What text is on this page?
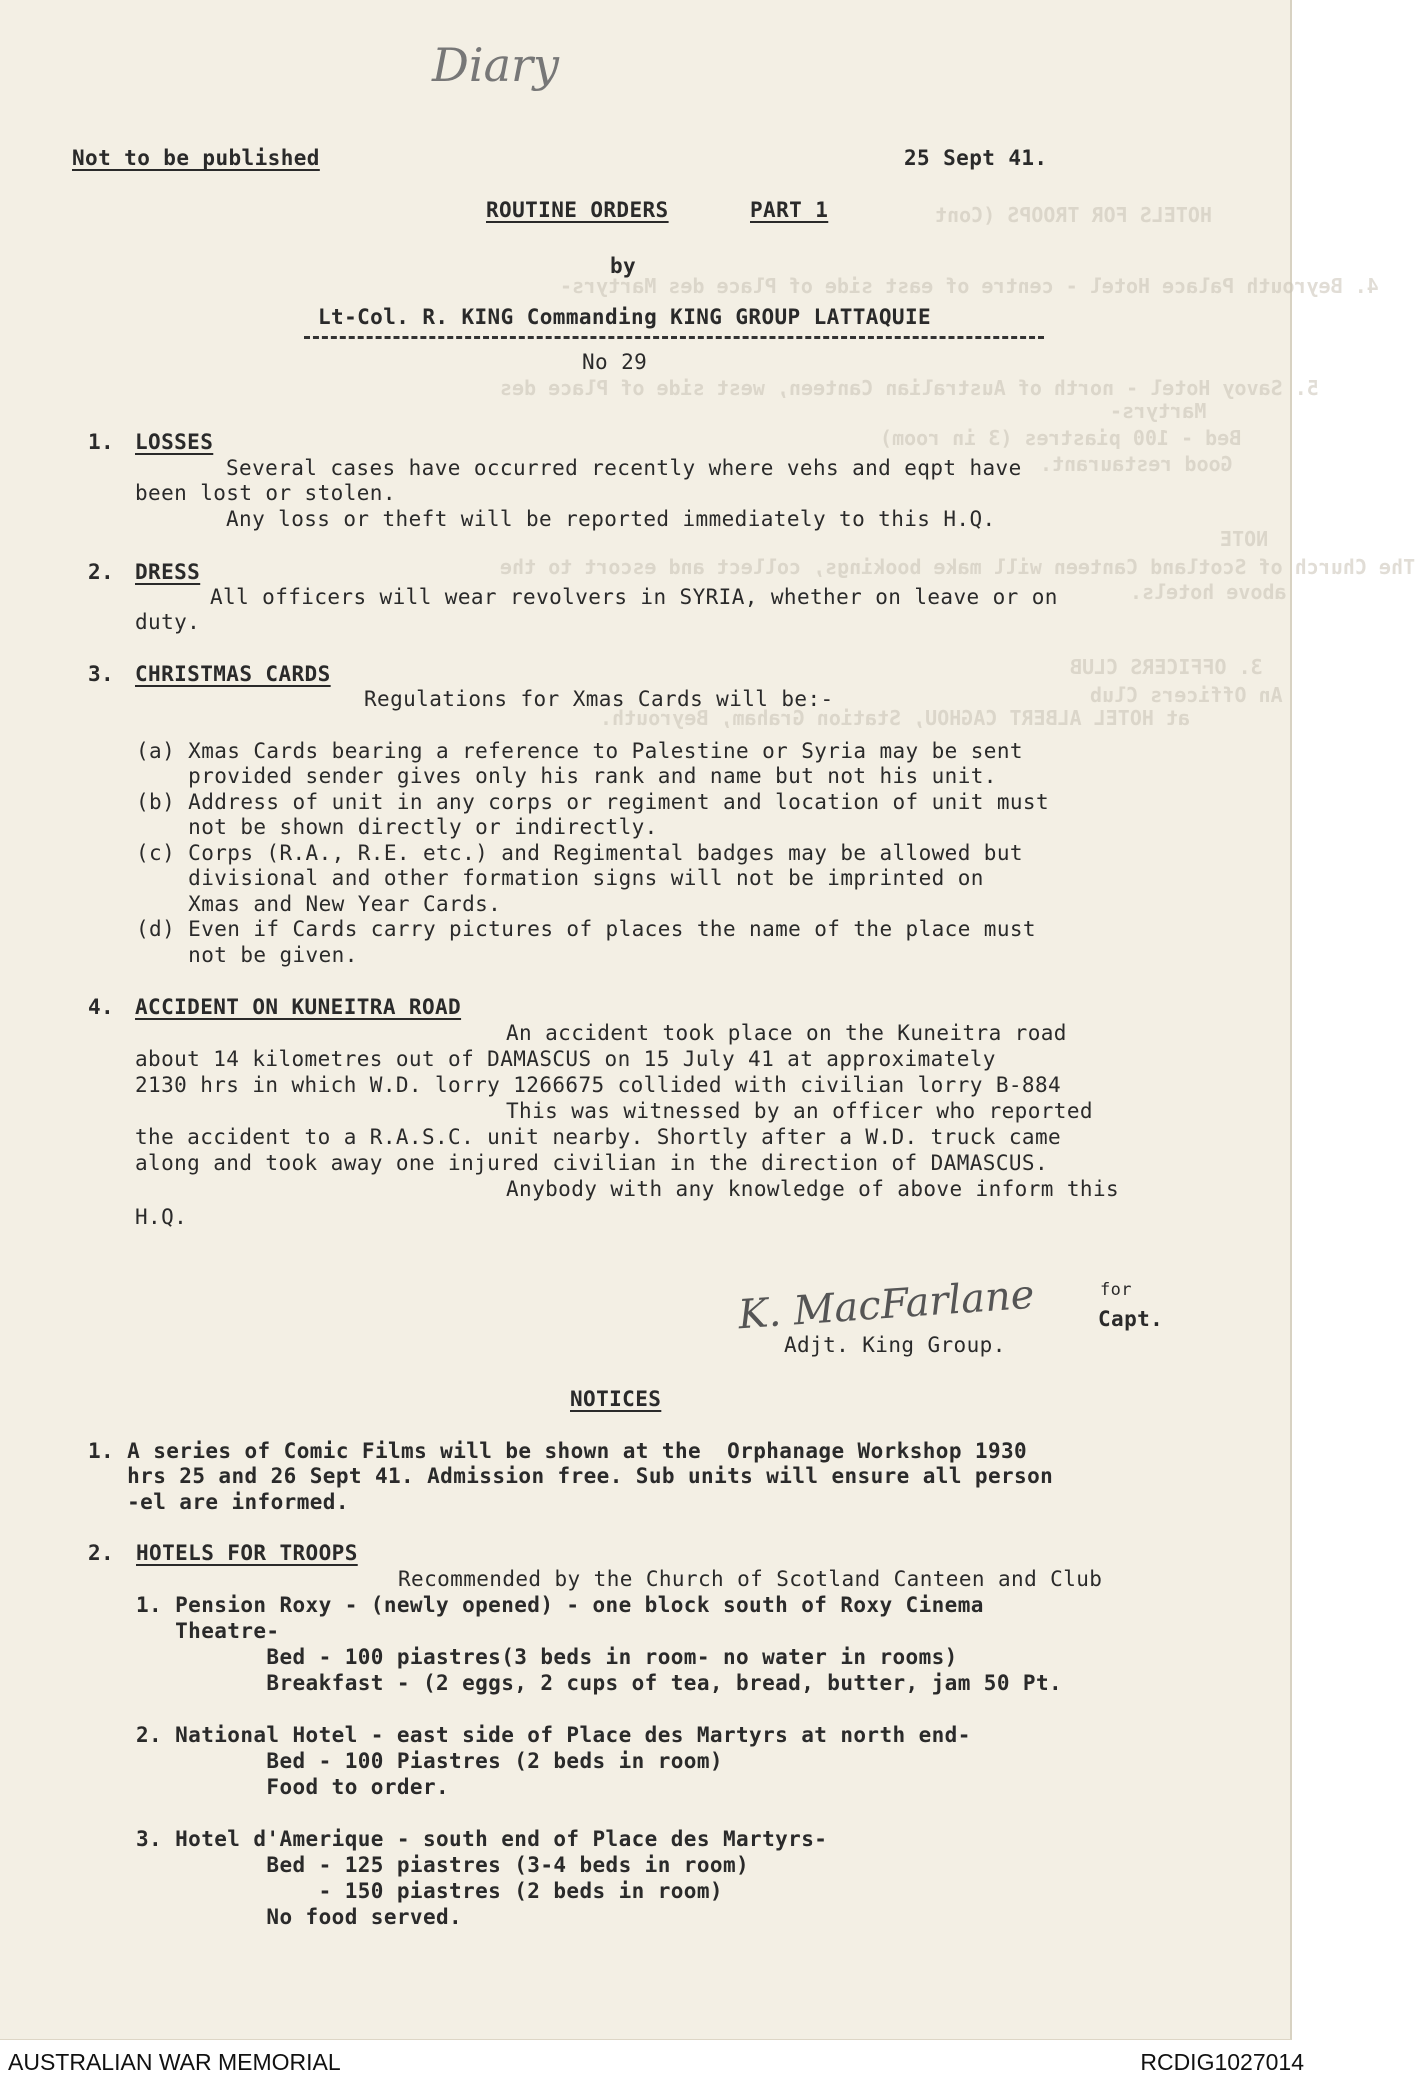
HOTELS FOR TROOPS (Cont
4. Beyrouth Palace Hotel - centre of east side of Place des Martyrs-
5. Savoy Hotel - north of Australian Canteen, west side of Place des
Martyrs-
Bed - 100 piastres (3 in room)
Good restaurant.
NOTE
The Church of Scotland Canteen will make bookings, collect and escort to the
above hotels.
3. OFFICERS CLUB
at HOTEL ALBERT CAGHOU, Station Graham, Beyrouth.
An Officers Club
Diary
Not to be published	25 Sept 41.
ROUTINE ORDERS	PART 1
by
Lt-Col. R. KING Commanding KING GROUP LATTAQUIE
No 29
1. LOSSES
Several cases have occurred recently where vehs and eqpt have
been lost or stolen.
Any loss or theft will be reported immediately to this H.Q.
2. DRESS
All officers will wear revolvers in SYRIA, whether on leave or on
duty.
3. CHRISTMAS CARDS
Regulations for Xmas Cards will be:-
(a) Xmas Cards bearing a reference to Palestine or Syria may be sent
provided sender gives only his rank and name but not his unit.
(b) Address of unit in any corps or regiment and location of unit must
not be shown directly or indirectly.
(c) Corps (R.A., R.E. etc.) and Regimental badges may be allowed but
divisional and other formation signs will not be imprinted on
Xmas and New Year Cards.
(d) Even if Cards carry pictures of places the name of the place must
not be given.
4. ACCIDENT ON KUNEITRA ROAD
An accident took place on the Kuneitra road
about 14 kilometres out of DAMASCUS on 15 July 41 at approximately
2130 hrs in which W.D. lorry 1266675 collided with civilian lorry B-884
This was witnessed by an officer who reported
the accident to a R.A.S.C. unit nearby. Shortly after a W.D. truck came
along and took away one injured civilian in the direction of DAMASCUS.
Anybody with any knowledge of above inform this
H.Q.
K. MacFarlane	for
Capt.
Adjt. King Group.
NOTICES
1. A series of Comic Films will be shown at the  Orphanage Workshop 1930
hrs 25 and 26 Sept 41. Admission free. Sub units will ensure all person
-el are informed.
2. HOTELS FOR TROOPS
Recommended by the Church of Scotland Canteen and Club
1. Pension Roxy - (newly opened) - one block south of Roxy Cinema
Theatre-
Bed - 100 piastres(3 beds in room- no water in rooms)
Breakfast - (2 eggs, 2 cups of tea, bread, butter, jam 50 Pt.
2. National Hotel - east side of Place des Martyrs at north end-
Bed - 100 Piastres (2 beds in room)
Food to order.
3. Hotel d'Amerique - south end of Place des Martyrs-
Bed - 125 piastres (3-4 beds in room)
- 150 piastres (2 beds in room)
No food served.
AUSTRALIAN WAR MEMORIAL	RCDIG1027014
